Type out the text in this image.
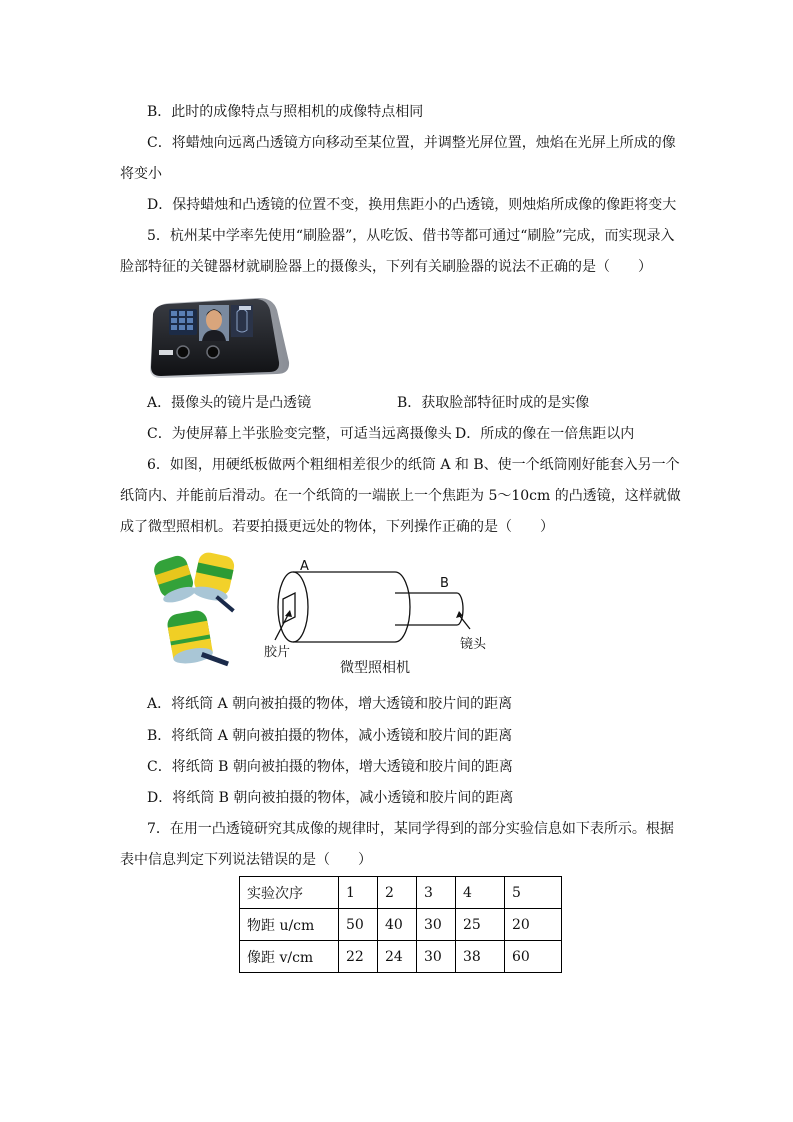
B．此时的成像特点与照相机的成像特点相同
C．将蜡烛向远离凸透镜方向移动至某位置，并调整光屏位置，烛焰在光屏上所成的像
将变小
D．保持蜡烛和凸透镜的位置不变，换用焦距小的凸透镜，则烛焰所成像的像距将变大
5．杭州某中学率先使用“刷脸器”，从吃饭、借书等都可通过“刷脸”完成，而实现录入
脸部特征的关键器材就刷脸器上的摄像头，下列有关刷脸器的说法不正确的是（　　）
A．摄像头的镜片是凸透镜	B．获取脸部特征时成的是实像
C．为使屏幕上半张脸变完整，可适当远离摄像头 D．所成的像在一倍焦距以内
6．如图，用硬纸板做两个粗细相差很少的纸筒 A 和 B、使一个纸筒刚好能套入另一个
纸筒内、并能前后滑动。在一个纸筒的一端嵌上一个焦距为 5～10cm 的凸透镜，这样就做
成了微型照相机。若要拍摄更远处的物体，下列操作正确的是（　　）
A
B
胶片
镜头
微型照相机
A．将纸筒 A 朝向被拍摄的物体，增大透镜和胶片间的距离
B．将纸筒 A 朝向被拍摄的物体，减小透镜和胶片间的距离
C．将纸筒 B 朝向被拍摄的物体，增大透镜和胶片间的距离
D．将纸筒 B 朝向被拍摄的物体，减小透镜和胶片间的距离
7．在用一凸透镜研究其成像的规律时，某同学得到的部分实验信息如下表所示。根据
表中信息判定下列说法错误的是（　　）
实验次序	1	2	3	4	5
物距 u/cm	50	40	30	25	20
像距 v/cm	22	24	30	38	60
